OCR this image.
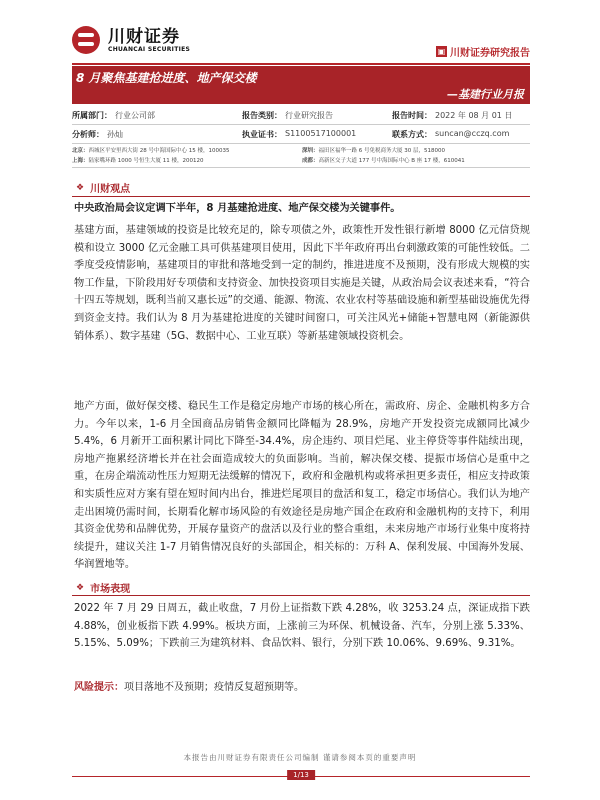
川财证券
CHUANCAI SECURITIES	▣ 川财证券研究报告
8 月聚焦基建抢进度、地产保交楼
—基建行业月报
所属部门： 行业公司部	报告类别： 行业研究报告	报告时间： 2022 年 08 月 01 日
分析师： 孙灿	执业证书： S1100517100001	联系方式： suncan@cczq.com
北京：西城区平安里西大街 28 号中海国际中心 15 楼，100035	深圳：福田区福华一路 6 号免税商务大厦 30 层，518000
上海：陆家嘴环路 1000 号恒生大厦 11 楼，200120	成都：高新区交子大道 177 号中海国际中心 B 座 17 楼，610041
❖ 川财观点
中央政治局会议定调下半年，8 月基建抢进度、地产保交楼为关键事件。
基建方面，基建领域的投资是比较充足的，除专项债之外，政策性开发性银行新增 8000 亿元信贷规模和设立 3000 亿元金融工具可供基建项目使用，因此下半年政府再出台刺激政策的可能性较低。二季度受疫情影响，基建项目的审批和落地受到一定的制约，推进进度不及预期，没有形成大规模的实物工作量，下阶段用好专项债和支持资金、加快投资项目实施是关键，从政治局会议表述来看，“符合十四五等规划，既利当前又惠长远”的交通、能源、物流、农业农村等基础设施和新型基础设施优先得到资金支持。我们认为 8 月为基建抢进度的关键时间窗口，可关注风光+储能+智慧电网（新能源供销体系）、数字基建（5G、数据中心、工业互联）等新基建领域投资机会。
地产方面，做好保交楼、稳民生工作是稳定房地产市场的核心所在，需政府、房企、金融机构多方合力。今年以来，1-6 月全国商品房销售金额同比降幅为 28.9%，房地产开发投资完成额同比减少 5.4%，6 月新开工面积累计同比下降至-34.4%，房企违约、项目烂尾、业主停贷等事件陆续出现，房地产拖累经济增长并在社会面造成较大的负面影响。当前，解决保交楼、提振市场信心是重中之重，在房企端流动性压力短期无法缓解的情况下，政府和金融机构或将承担更多责任，相应支持政策和实质性应对方案有望在短时间内出台，推进烂尾项目的盘活和复工，稳定市场信心。我们认为地产走出困境仍需时间，长期看化解市场风险的有效途径是房地产国企在政府和金融机构的支持下，利用其资金优势和品牌优势，开展存量资产的盘活以及行业的整合重组，未来房地产市场行业集中度将持续提升，建议关注 1-7 月销售情况良好的头部国企，相关标的：万科 A、保利发展、中国海外发展、华润置地等。
❖ 市场表现
2022 年 7 月 29 日周五，截止收盘，7 月份上证指数下跌 4.28%，收 3253.24 点，深证成指下跌 4.88%，创业板指下跌 4.99%。板块方面，上涨前三为环保、机械设备、汽车，分别上涨 5.33%、5.15%、5.09%；下跌前三为建筑材料、食品饮料、银行，分别下跌 10.06%、9.69%、9.31%。
风险提示：项目落地不及预期；疫情反复超预期等。
本报告由川财证券有限责任公司编制 谨请参阅本页的重要声明
1/13
